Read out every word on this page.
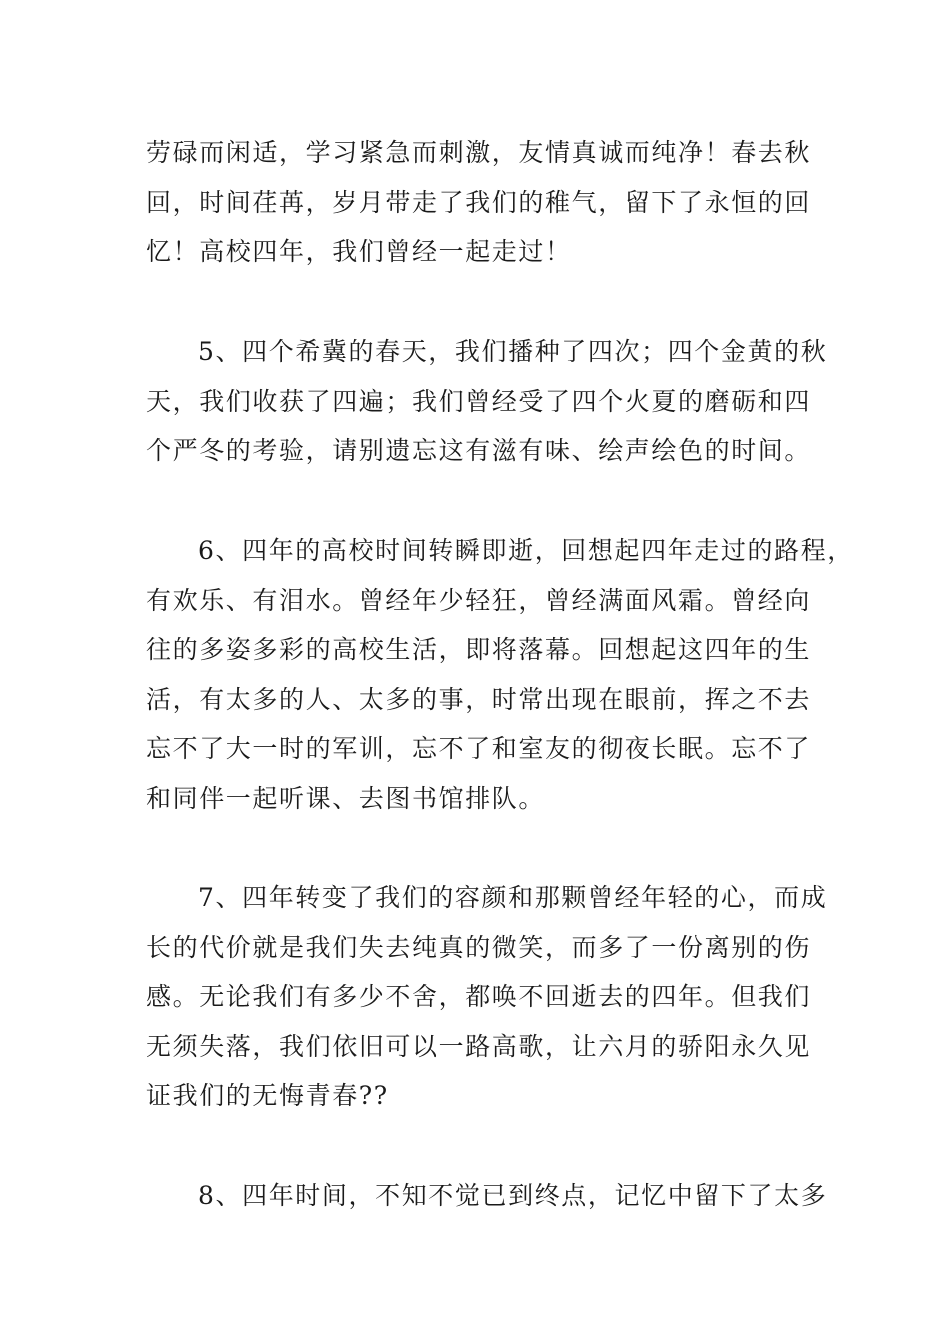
劳碌而闲适，学习紧急而刺激，友情真诚而纯净！春去秋
回，时间荏苒，岁月带走了我们的稚气，留下了永恒的回
忆！高校四年，我们曾经一起走过！

5、四个希冀的春天，我们播种了四次；四个金黄的秋
天，我们收获了四遍；我们曾经受了四个火夏的磨砺和四
个严冬的考验，请别遗忘这有滋有味、绘声绘色的时间。

6、四年的高校时间转瞬即逝，回想起四年走过的路程，
有欢乐、有泪水。曾经年少轻狂，曾经满面风霜。曾经向
往的多姿多彩的高校生活，即将落幕。回想起这四年的生
活，有太多的人、太多的事，时常出现在眼前，挥之不去
忘不了大一时的军训，忘不了和室友的彻夜长眠。忘不了
和同伴一起听课、去图书馆排队。

7、四年转变了我们的容颜和那颗曾经年轻的心，而成
长的代价就是我们失去纯真的微笑，而多了一份离别的伤
感。无论我们有多少不舍，都唤不回逝去的四年。但我们
无须失落，我们依旧可以一路高歌，让六月的骄阳永久见
证我们的无悔青春??

8、四年时间，不知不觉已到终点，记忆中留下了太多
